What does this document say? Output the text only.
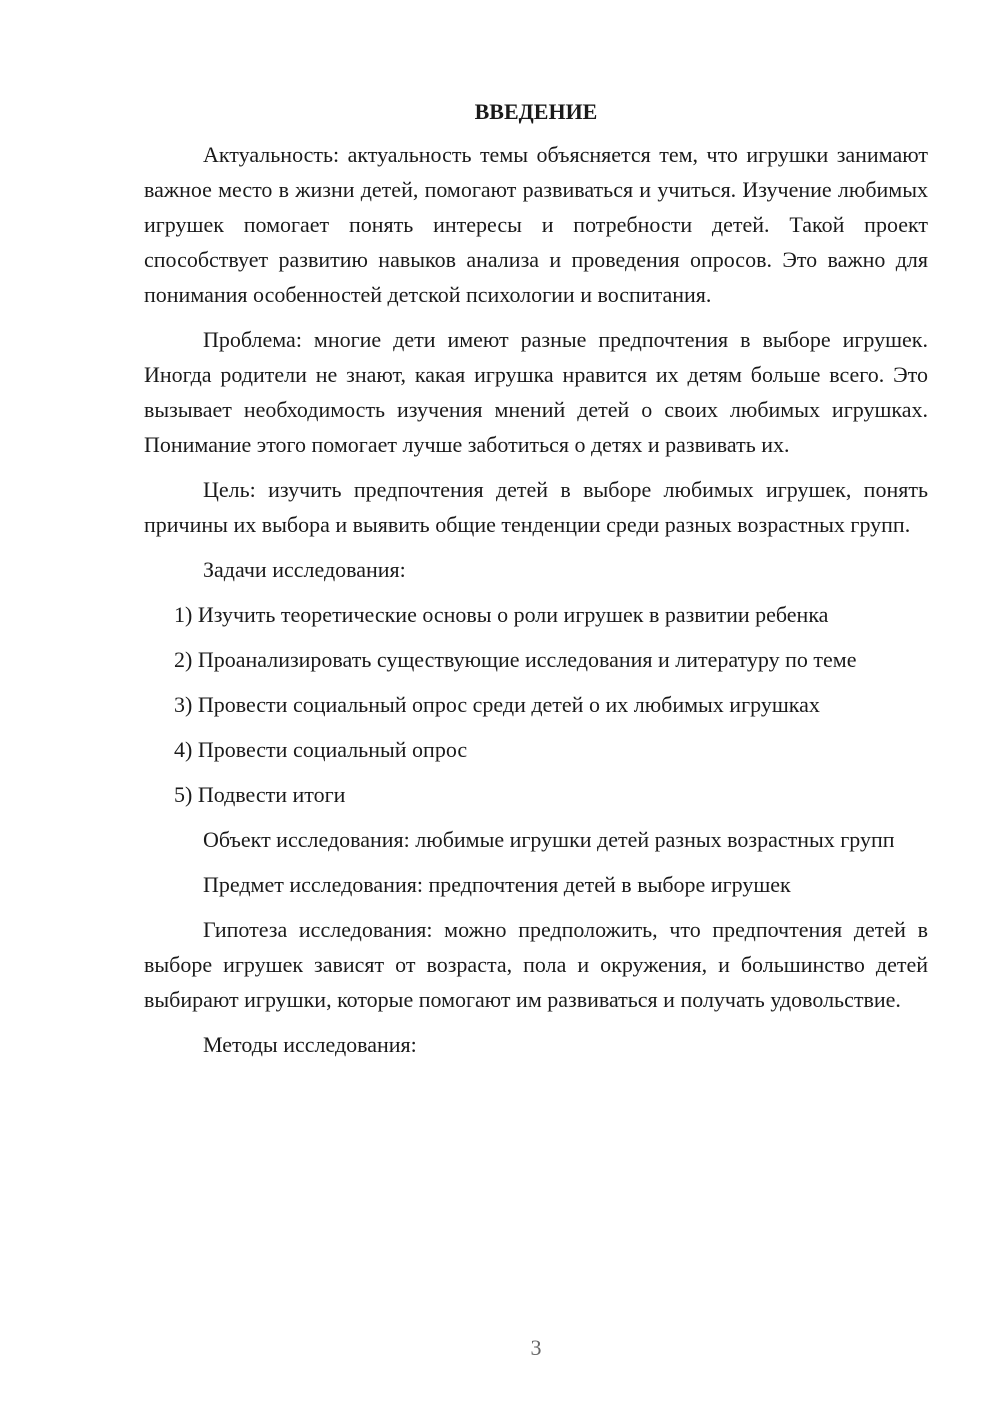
ВВЕДЕНИЕ

Актуальность: актуальность темы объясняется тем, что игрушки занимают важное место в жизни детей, помогают развиваться и учиться. Изучение любимых игрушек помогает понять интересы и потребности детей. Такой проект способствует развитию навыков анализа и проведения опросов. Это важно для понимания особенностей детской психологии и воспитания.

Проблема: многие дети имеют разные предпочтения в выборе игрушек. Иногда родители не знают, какая игрушка нравится их детям больше всего. Это вызывает необходимость изучения мнений детей о своих любимых игрушках. Понимание этого помогает лучше заботиться о детях и развивать их.

Цель: изучить предпочтения детей в выборе любимых игрушек, понять причины их выбора и выявить общие тенденции среди разных возрастных групп.

Задачи исследования:

1) Изучить теоретические основы о роли игрушек в развитии ребенка

2) Проанализировать существующие исследования и литературу по теме

3) Провести социальный опрос среди детей о их любимых игрушках

4) Провести социальный опрос

5) Подвести итоги

Объект исследования: любимые игрушки детей разных возрастных групп

Предмет исследования: предпочтения детей в выборе игрушек

Гипотеза исследования: можно предположить, что предпочтения детей в выборе игрушек зависят от возраста, пола и окружения, и большинство детей выбирают игрушки, которые помогают им развиваться и получать удовольствие.

Методы исследования:

3
